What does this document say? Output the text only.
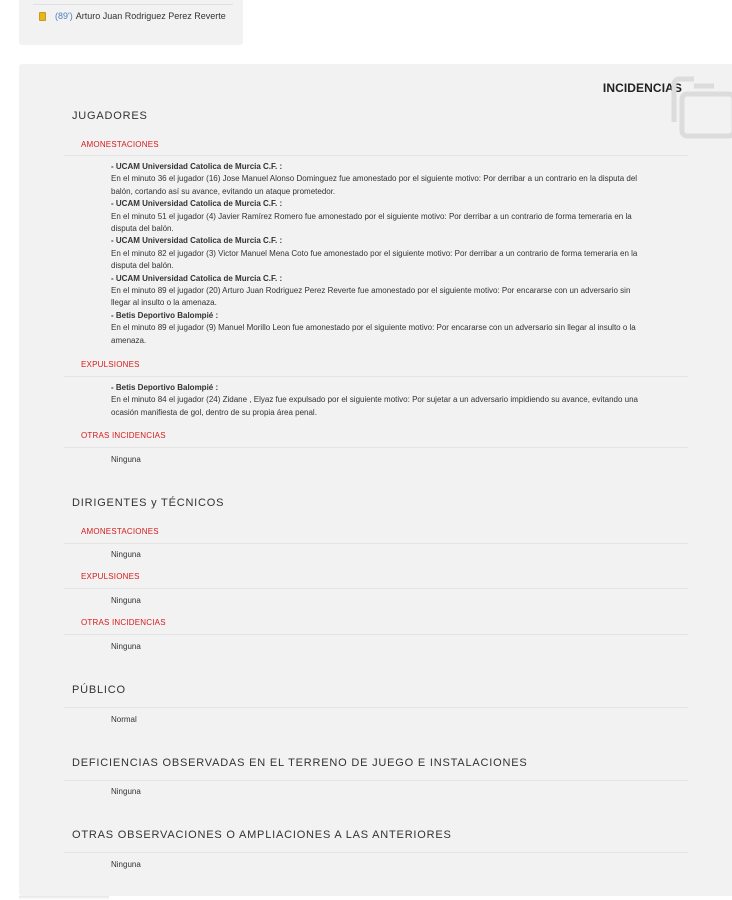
(89') Arturo Juan Rodriguez Perez Reverte
INCIDENCIAS
JUGADORES
AMONESTACIONES
- UCAM Universidad Catolica de Murcia C.F. :
En el minuto 36 el jugador (16) Jose Manuel Alonso Dominguez fue amonestado por el siguiente motivo: Por derribar a un contrario en la disputa del balón, cortando así su avance, evitando un ataque prometedor.
- UCAM Universidad Catolica de Murcia C.F. :
En el minuto 51 el jugador (4) Javier Ramírez Romero fue amonestado por el siguiente motivo: Por derribar a un contrario de forma temeraria en la disputa del balón.
- UCAM Universidad Catolica de Murcia C.F. :
En el minuto 82 el jugador (3) Victor Manuel Mena Coto fue amonestado por el siguiente motivo: Por derribar a un contrario de forma temeraria en la disputa del balón.
- UCAM Universidad Catolica de Murcia C.F. :
En el minuto 89 el jugador (20) Arturo Juan Rodriguez Perez Reverte fue amonestado por el siguiente motivo: Por encararse con un adversario sin llegar al insulto o la amenaza.
- Betis Deportivo Balompié :
En el minuto 89 el jugador (9) Manuel Morillo Leon fue amonestado por el siguiente motivo: Por encararse con un adversario sin llegar al insulto o la amenaza.
EXPULSIONES
- Betis Deportivo Balompié :
En el minuto 84 el jugador (24) Zidane , Elyaz fue expulsado por el siguiente motivo: Por sujetar a un adversario impidiendo su avance, evitando una ocasión manifiesta de gol, dentro de su propia área penal.
OTRAS INCIDENCIAS
Ninguna
DIRIGENTES y TÉCNICOS
AMONESTACIONES
Ninguna
EXPULSIONES
Ninguna
OTRAS INCIDENCIAS
Ninguna
PÚBLICO
Normal
DEFICIENCIAS OBSERVADAS EN EL TERRENO DE JUEGO E INSTALACIONES
Ninguna
OTRAS OBSERVACIONES O AMPLIACIONES A LAS ANTERIORES
Ninguna
